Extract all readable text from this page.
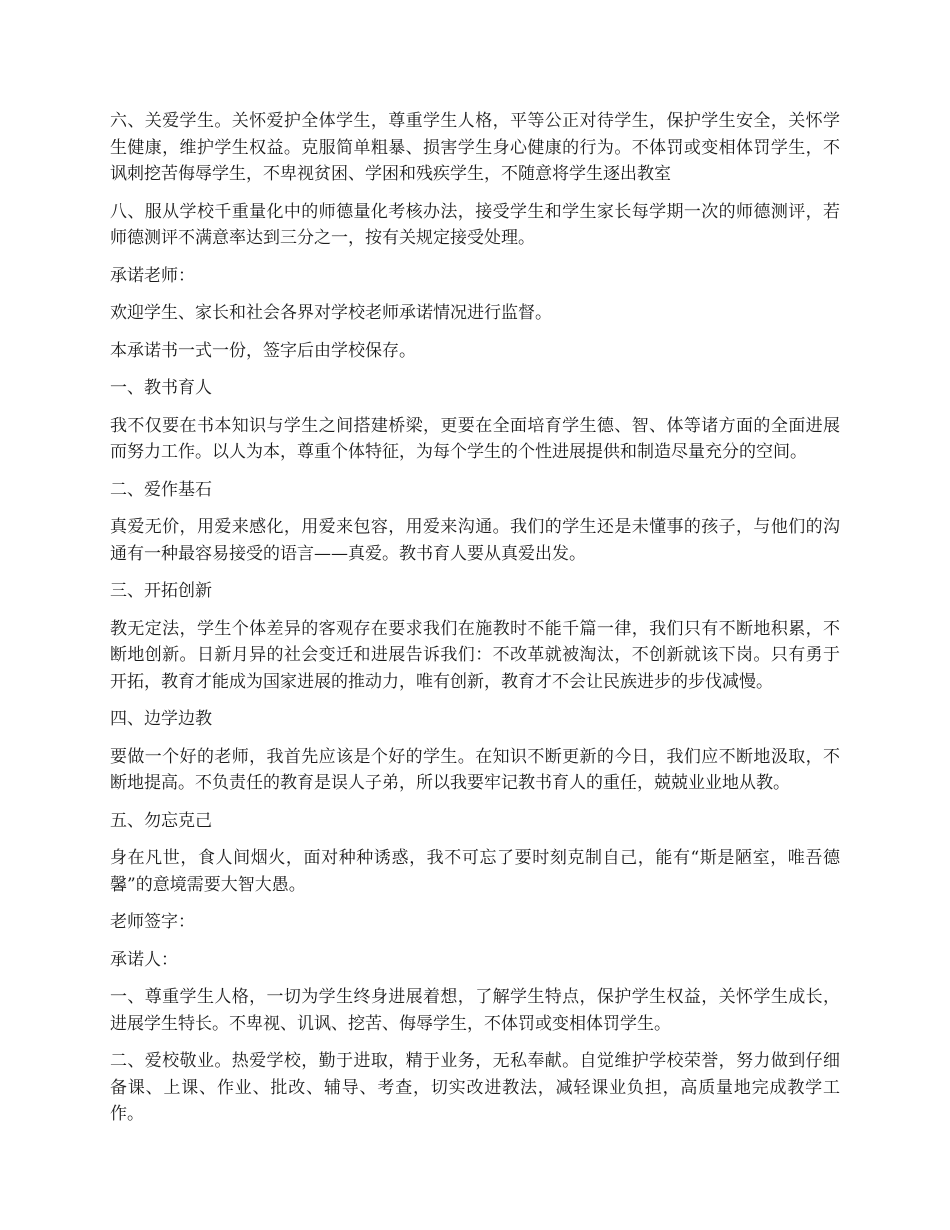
六、关爱学生。关怀爱护全体学生，尊重学生人格，平等公正对待学生，保护学生安全，关怀学生健康，维护学生权益。克服简单粗暴、损害学生身心健康的行为。不体罚或变相体罚学生，不讽刺挖苦侮辱学生，不卑视贫困、学困和残疾学生，不随意将学生逐出教室

八、服从学校千重量化中的师德量化考核办法，接受学生和学生家长每学期一次的师德测评，若师德测评不满意率达到三分之一，按有关规定接受处理。

承诺老师：

欢迎学生、家长和社会各界对学校老师承诺情况进行监督。

本承诺书一式一份，签字后由学校保存。

一、教书育人

我不仅要在书本知识与学生之间搭建桥梁，更要在全面培育学生德、智、体等诸方面的全面进展而努力工作。以人为本，尊重个体特征，为每个学生的个性进展提供和制造尽量充分的空间。

二、爱作基石

真爱无价，用爱来感化，用爱来包容，用爱来沟通。我们的学生还是未懂事的孩子，与他们的沟通有一种最容易接受的语言——真爱。教书育人要从真爱出发。

三、开拓创新

教无定法，学生个体差异的客观存在要求我们在施教时不能千篇一律，我们只有不断地积累，不断地创新。日新月异的社会变迁和进展告诉我们：不改革就被淘汰，不创新就该下岗。只有勇于开拓，教育才能成为国家进展的推动力，唯有创新，教育才不会让民族进步的步伐减慢。

四、边学边教

要做一个好的老师，我首先应该是个好的学生。在知识不断更新的今日，我们应不断地汲取，不断地提高。不负责任的教育是误人子弟，所以我要牢记教书育人的重任，兢兢业业地从教。

五、勿忘克己

身在凡世，食人间烟火，面对种种诱惑，我不可忘了要时刻克制自己，能有“斯是陋室，唯吾德馨”的意境需要大智大愚。

老师签字：

承诺人：

一、尊重学生人格，一切为学生终身进展着想，了解学生特点，保护学生权益，关怀学生成长，进展学生特长。不卑视、讥讽、挖苦、侮辱学生，不体罚或变相体罚学生。

二、爱校敬业。热爱学校，勤于进取，精于业务，无私奉献。自觉维护学校荣誉，努力做到仔细备课、上课、作业、批改、辅导、考查，切实改进教法，减轻课业负担，高质量地完成教学工作。
